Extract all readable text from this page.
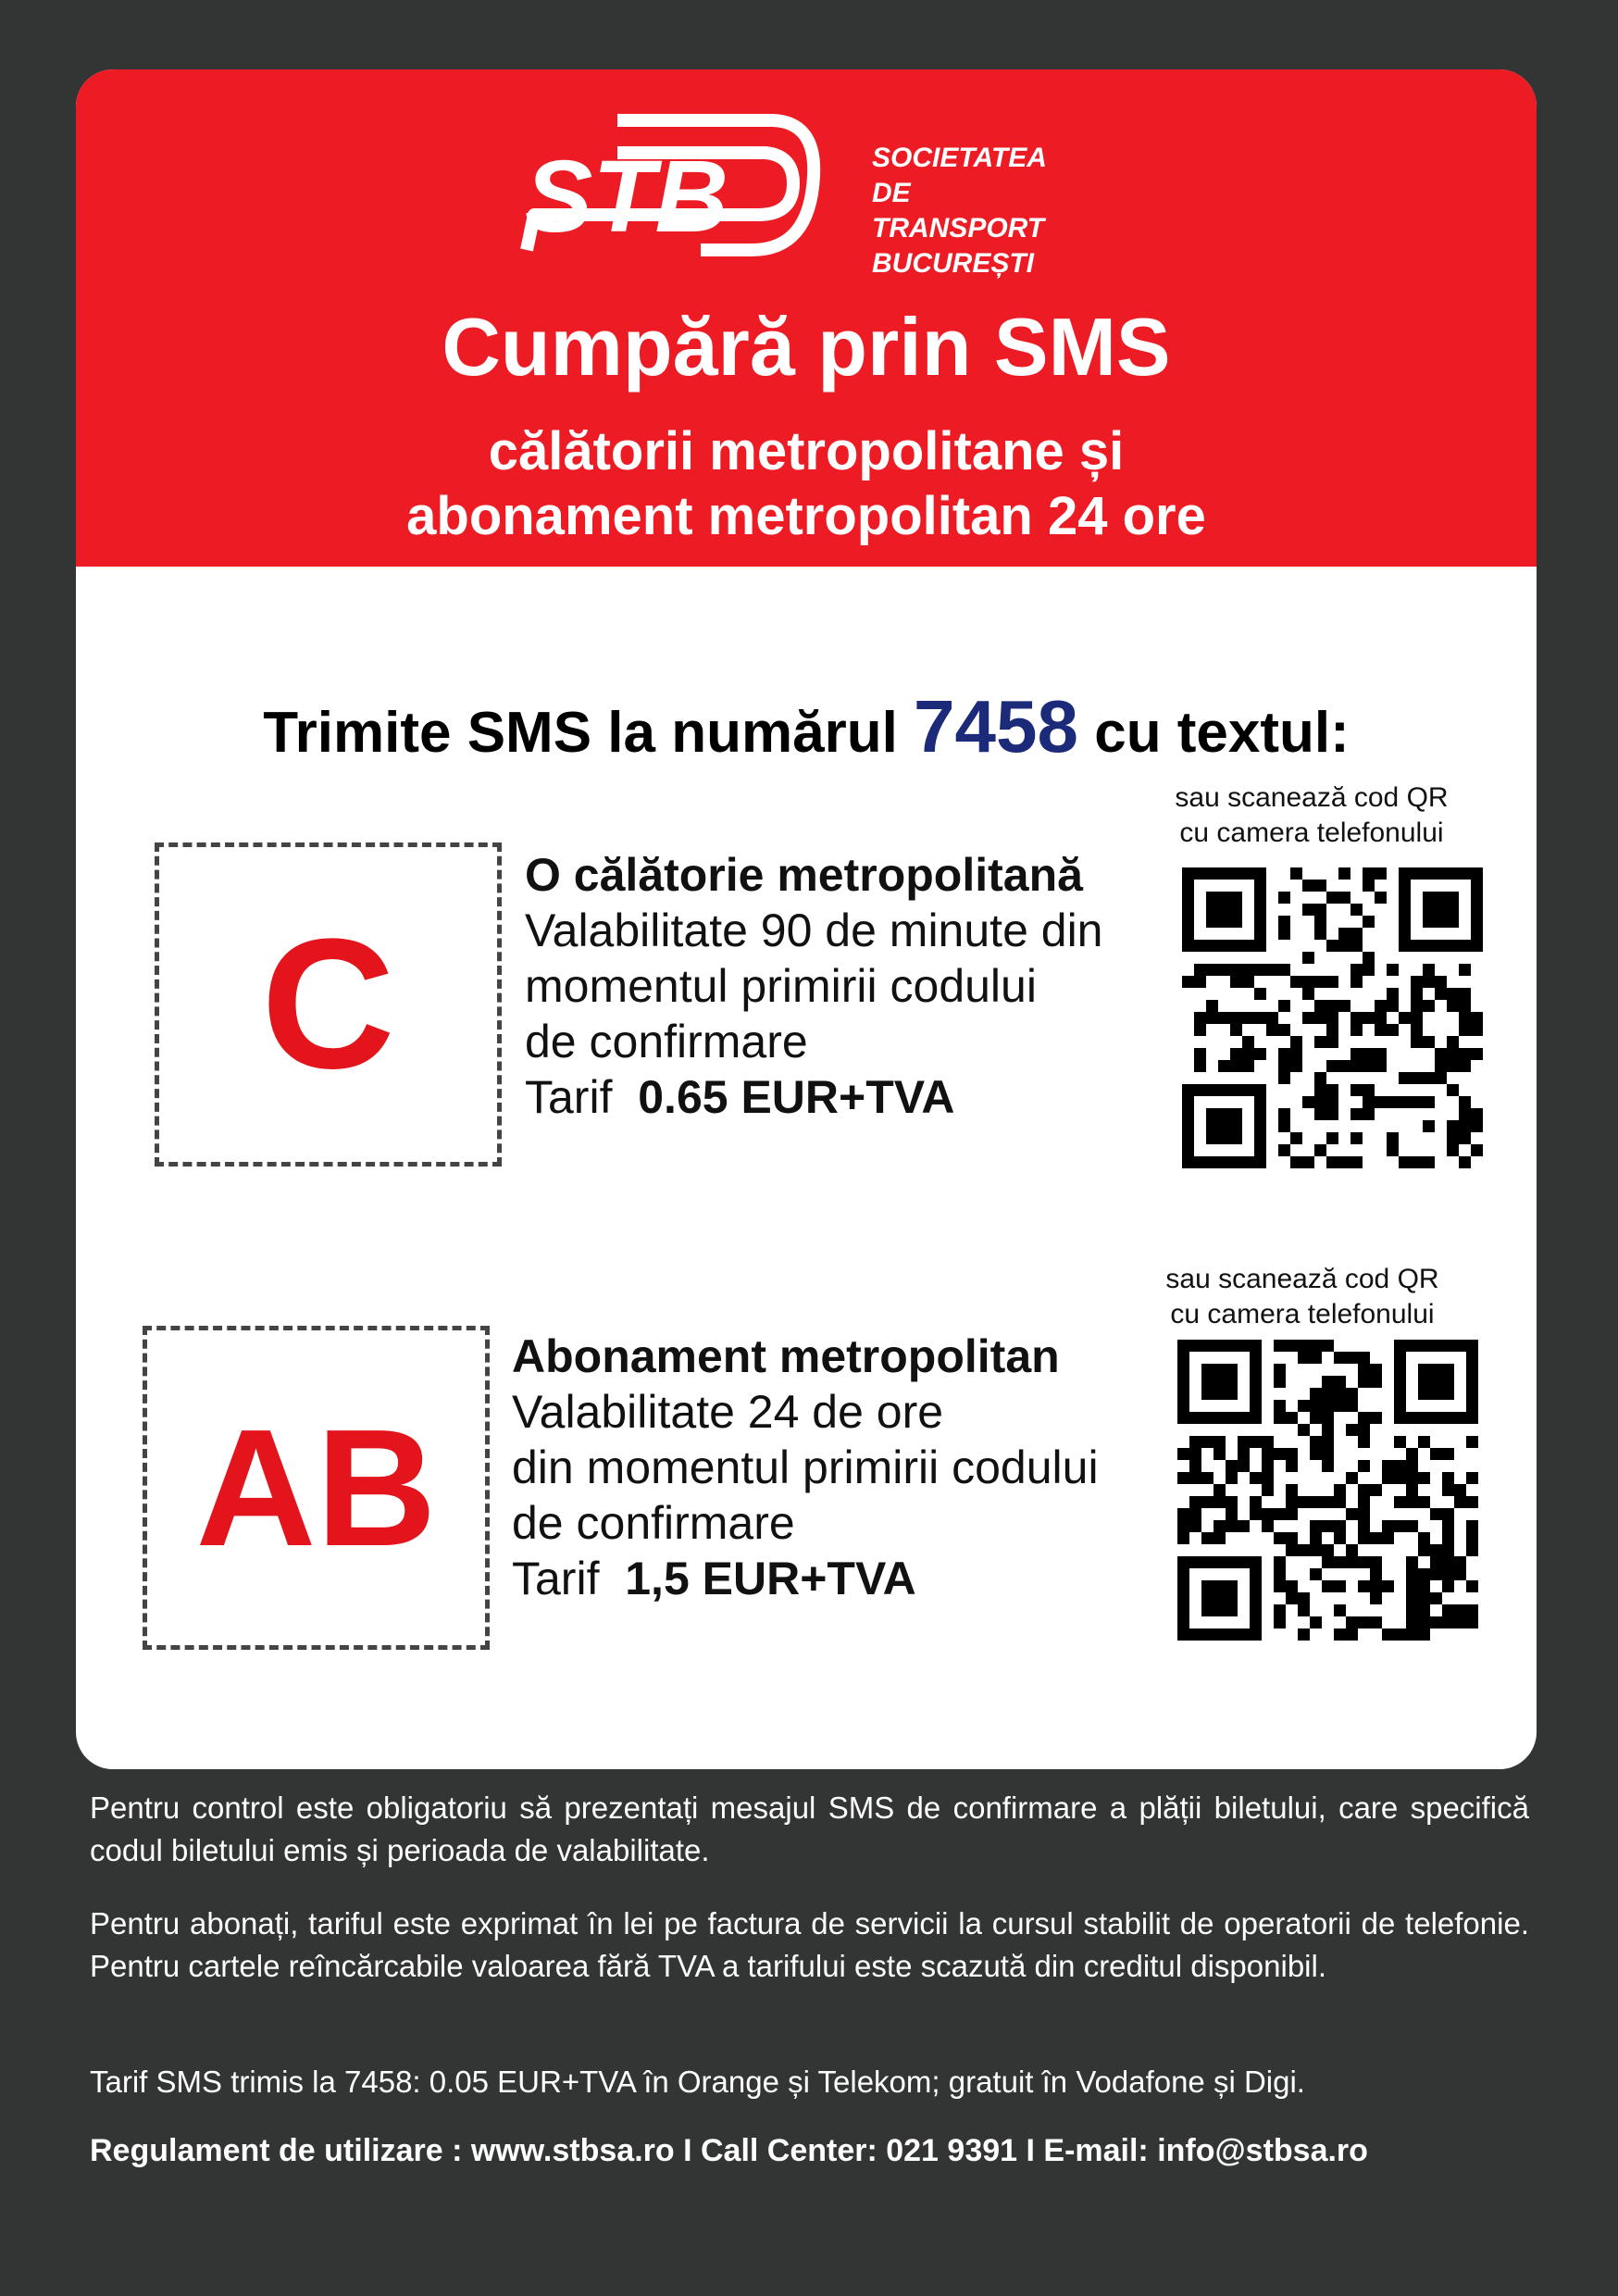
STB	SOCIETATEA
DE TRANSPORT
BUCUREȘTI
Cumpără prin SMS
călătorii metropolitane și
abonament metropolitan 24 ore
Trimite SMS la numărul 7458 cu textul:
C
O călătorie metropolitană
Valabilitate 90 de minute din
momentul primirii codului
de confirmare
Tarif  0.65 EUR+TVA
sau scanează cod QR
cu camera telefonului
AB
Abonament metropolitan
Valabilitate 24 de ore
din momentul primirii codului
de confirmare
Tarif  1,5 EUR+TVA
sau scanează cod QR
cu camera telefonului

Pentru control este obligatoriu să prezentați mesajul SMS de confirmare a plății biletului, care specifică codul biletului emis și perioada de valabilitate.

Pentru abonați, tariful este exprimat în lei pe factura de servicii la cursul stabilit de operatorii de telefonie. Pentru cartele reîncărcabile valoarea fără TVA a tarifului este scazută din creditul disponibil.

Tarif SMS trimis la 7458: 0.05 EUR+TVA în Orange și Telekom; gratuit în Vodafone și Digi.

Regulament de utilizare : www.stbsa.ro I Call Center: 021 9391 I E-mail: info@stbsa.ro
